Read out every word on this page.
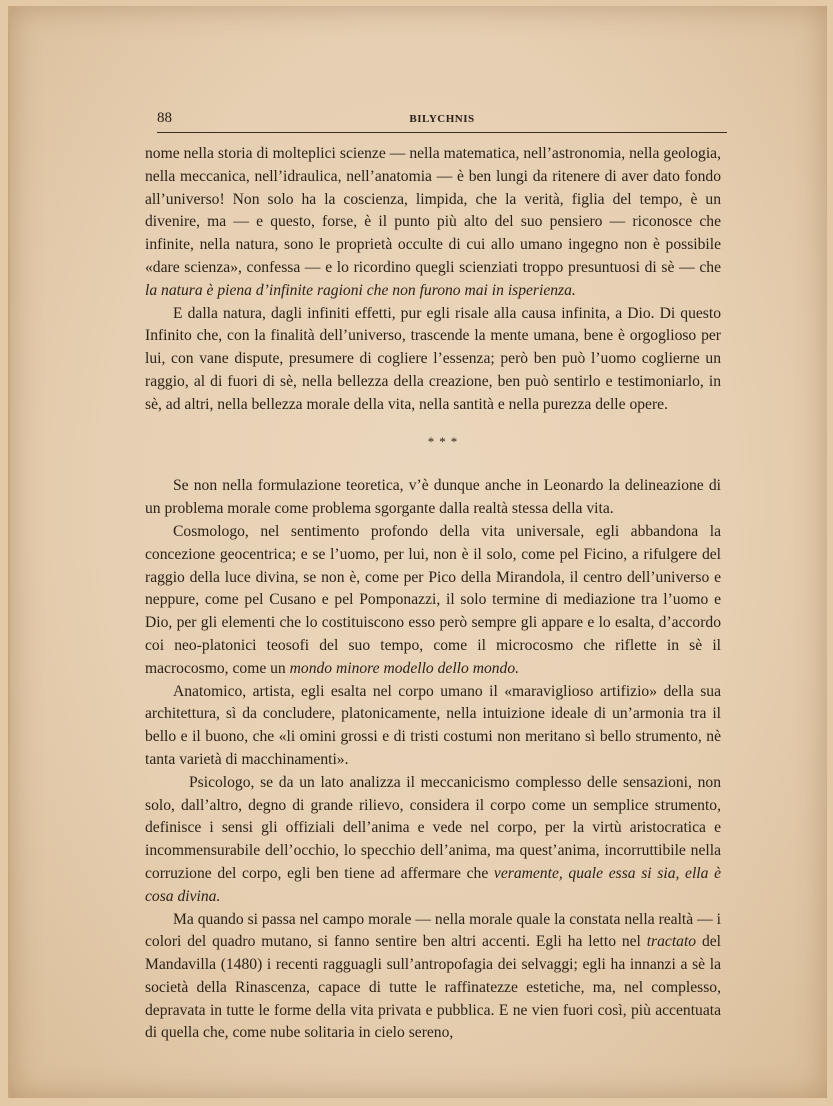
88	BILYCHNIS

nome nella storia di molteplici scienze — nella matematica, nell’astronomia, nella geologia, nella meccanica, nell’idraulica, nell’anatomia — è ben lungi da ritenere di aver dato fondo all’universo! Non solo ha la coscienza, limpida, che la verità, figlia del tempo, è un divenire, ma — e questo, forse, è il punto più alto del suo pensiero — riconosce che infinite, nella natura, sono le proprietà occulte di cui allo umano ingegno non è possibile «dare scienza», confessa — e lo ricordino quegli scienziati troppo presuntuosi di sè — che la natura è piena d’infinite ragioni che non furono mai in isperienza.

E dalla natura, dagli infiniti effetti, pur egli risale alla causa infinita, a Dio. Di questo Infinito che, con la finalità dell’universo, trascende la mente umana, bene è orgoglioso per lui, con vane dispute, presumere di cogliere l’essenza; però ben può l’uomo coglierne un raggio, al di fuori di sè, nella bellezza della creazione, ben può sentirlo e testimoniarlo, in sè, ad altri, nella bellezza morale della vita, nella santità e nella purezza delle opere.

***

Se non nella formulazione teoretica, v’è dunque anche in Leonardo la delineazione di un problema morale come problema sgorgante dalla realtà stessa della vita.

Cosmologo, nel sentimento profondo della vita universale, egli abbandona la concezione geocentrica; e se l’uomo, per lui, non è il solo, come pel Ficino, a rifulgere del raggio della luce divina, se non è, come per Pico della Mirandola, il centro dell’universo e neppure, come pel Cusano e pel Pomponazzi, il solo termine di mediazione tra l’uomo e Dio, per gli elementi che lo costituiscono esso però sempre gli appare e lo esalta, d’accordo coi neo-platonici teosofi del suo tempo, come il microcosmo che riflette in sè il macrocosmo, come un mondo minore modello dello mondo.

Anatomico, artista, egli esalta nel corpo umano il «maraviglioso artifizio» della sua architettura, sì da concludere, platonicamente, nella intuizione ideale di un’armonia tra il bello e il buono, che «li omini grossi e di tristi costumi non meritano sì bello strumento, nè tanta varietà di macchinamenti».

Psicologo, se da un lato analizza il meccanicismo complesso delle sensazioni, non solo, dall’altro, degno di grande rilievo, considera il corpo come un semplice strumento, definisce i sensi gli offiziali dell’anima e vede nel corpo, per la virtù aristocratica e incommensurabile dell’occhio, lo specchio dell’anima, ma quest’anima, incorruttibile nella corruzione del corpo, egli ben tiene ad affermare che veramente, quale essa si sia, ella è cosa divina.

Ma quando si passa nel campo morale — nella morale quale la constata nella realtà — i colori del quadro mutano, si fanno sentire ben altri accenti. Egli ha letto nel tractato del Mandavilla (1480) i recenti ragguagli sull’antropofagia dei selvaggi; egli ha innanzi a sè la società della Rinascenza, capace di tutte le raffinatezze estetiche, ma, nel complesso, depravata in tutte le forme della vita privata e pubblica. E ne vien fuori così, più accentuata di quella che, come nube solitaria in cielo sereno,
